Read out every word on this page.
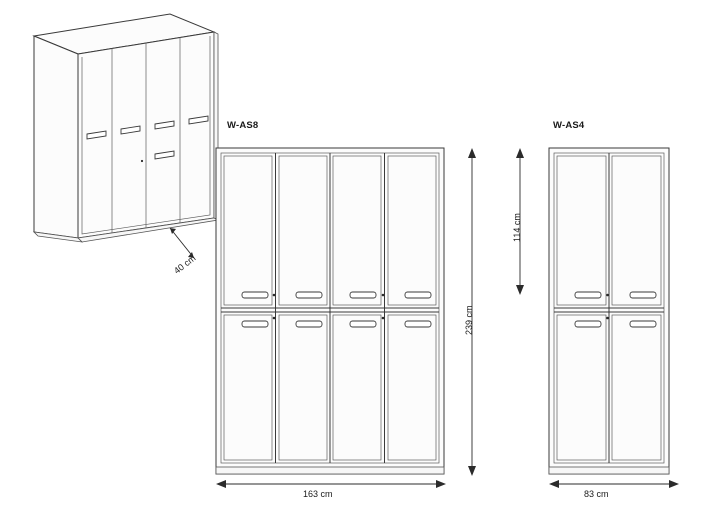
40 cm
W-AS8
239 cm
163 cm
W-AS4
114 cm
83 cm
